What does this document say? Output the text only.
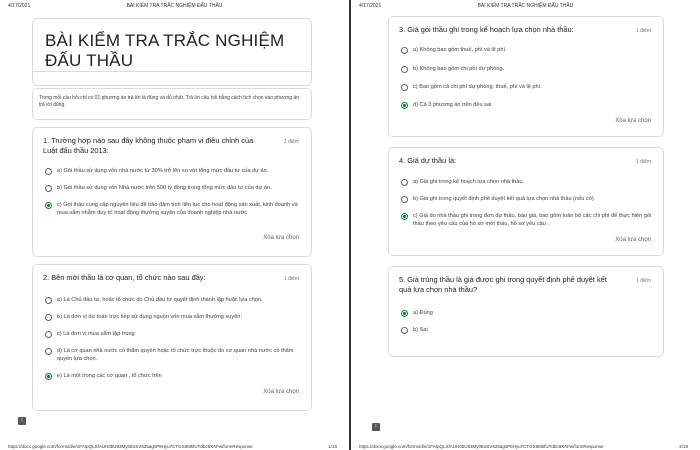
4/17/2021	BÀI KIỂM TRA TRẮC NGHIỆM ĐẤU THẦU
BÀI KIỂM TRA TRẮC NGHIỆM ĐẤU THẦU
Trong mỗi câu hỏi chỉ có 01 phương án trả lời là đúng và đủ nhất. Trả lời câu hỏi bằng cách tích chọn vào phương án trả lời đúng.
1. Trường hợp nào sau đây không thuộc phạm vi điều chỉnh của Luật đấu thầu 2013:
1 điểm
a) Gói thầu sử dụng vốn nhà nước từ 30% trở lên so với tổng mức đầu tư của dự án.
b) Gói thầu sử dụng vốn Nhà nước trên 500 tỷ đồng trong tổng mức đầu tư của dự án.
c) Gói thầu cung cấp nguyên liệu để bảo đảm tính liên tục cho hoạt động sản xuất, kinh doanh và mua sắm nhằm duy trì hoạt động thường xuyên của doanh nghiệp nhà nước
Xóa lựa chọn
2. Bên mời thầu là cơ quan, tổ chức nào sau đây:	1 điểm
a) Là Chủ đầu tư, hoặc tổ chức do Chủ đầu tư quyết định thành lập hoặc lựa chọn.
b) Là đơn vị dự toán trực tiếp sử dụng nguồn vốn mua sắm thường xuyên;
c) Là đơn vị mua sắm tập trung
d) Là cơ quan nhà nước có thẩm quyền hoặc tổ chức trực thuộc do cơ quan nhà nước có thẩm quyền lựa chọn.
e) Là một trong các cơ quan , tổ chức trên
Xóa lựa chọn
!
https://docs.google.com/forms/d/e/1FAIpQLSfAUH0bU83My0EsSV625agsP9Hyu7CTGX8MkfUTdbc8XAFw/formResponse	1/19
4/17/2021	BÀI KIỂM TRA TRẮC NGHIỆM ĐẤU THẦU
3. Giá gói thầu ghi trong kế hoạch lựa chọn nhà thầu:	1 điểm
a) Không bao gồm thuế, phí và lệ phí.
b) Không bao gồm chi phí dự phòng.
c) Bao gồm cả chi phí dự phòng, thuế, phí và lệ phí.
d) Cả 3 phương án trên đều sai
Xóa lựa chọn
4. Giá dự thầu là:	1 điểm
a) Giá ghi trong kế hoạch lựa chọn nhà thầu.
b) Giá ghi trong quyết định phê duyệt kết quả lựa chọn nhà thầu (nếu có)
c) Giá do nhà thầu ghi trong đơn dự thầu, báo giá, bao gồm toàn bộ các chi phí để thực hiện gói thầu theo yêu cầu của hồ sơ mời thầu, hồ sơ yêu cầu .
Xóa lựa chọn
5. Giá trúng thầu là giá được ghi trong quyết định phê duyệt kết quả lựa chọn nhà thầu?
1 điểm
a) Đúng
b) Sai
!
https://docs.google.com/forms/d/e/1FAIpQLSfAUH0bU83My0EsSV625agsP9Hyu7CTGX8MkfUTdbc8XAFw/formResponse	2/19
